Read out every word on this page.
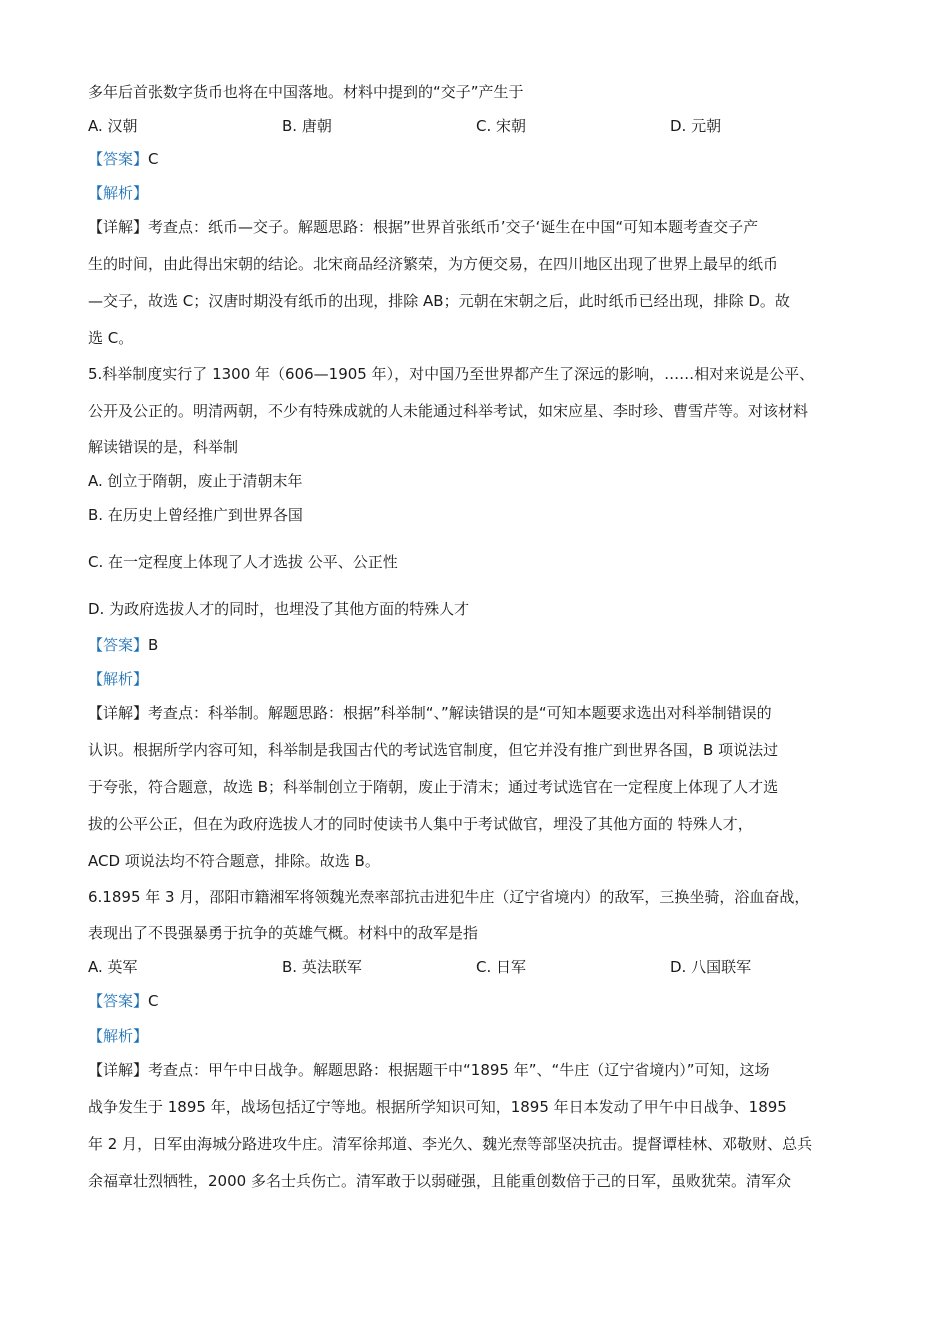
多年后首张数字货币也将在中国落地。材料中提到的“交子”产生于
A. 汉朝	B. 唐朝	C. 宋朝	D. 元朝
【答案】C
【解析】
【详解】考查点：纸币—交子。解题思路：根据”世界首张纸币’交子‘诞生在中国“可知本题考查交子产
生的时间，由此得出宋朝的结论。北宋商品经济繁荣，为方便交易，在四川地区出现了世界上最早的纸币
—交子，故选 C；汉唐时期没有纸币的出现，排除 AB；元朝在宋朝之后，此时纸币已经出现，排除 D。故
选 C。
5.科举制度实行了 1300 年（606—1905 年），对中国乃至世界都产生了深远的影响，……相对来说是公平、
公开及公正的。明清两朝，不少有特殊成就的人未能通过科举考试，如宋应星、李时珍、曹雪芹等。对该材料
解读错误的是，科举制
A. 创立于隋朝，废止于清朝末年
B. 在历史上曾经推广到世界各国
C. 在一定程度上体现了人才选拔 公平、公正性
D. 为政府选拔人才的同时，也埋没了其他方面的特殊人才
【答案】B
【解析】
【详解】考查点：科举制。解题思路：根据”科举制“、”解读错误的是“可知本题要求选出对科举制错误的
认识。根据所学内容可知，科举制是我国古代的考试选官制度，但它并没有推广到世界各国，B 项说法过
于夸张，符合题意，故选 B；科举制创立于隋朝，废止于清末；通过考试选官在一定程度上体现了人才选
拔的公平公正，但在为政府选拔人才的同时使读书人集中于考试做官，埋没了其他方面的 特殊人才，
ACD 项说法均不符合题意，排除。故选 B。
6.1895 年 3 月，邵阳市籍湘军将领魏光焘率部抗击进犯牛庄（辽宁省境内）的敌军，三换坐骑，浴血奋战，
表现出了不畏强暴勇于抗争的英雄气概。材料中的敌军是指
A. 英军	B. 英法联军	C. 日军	D. 八国联军
【答案】C
【解析】
【详解】考查点：甲午中日战争。解题思路：根据题干中“1895 年”、“牛庄（辽宁省境内）”可知，这场
战争发生于 1895 年，战场包括辽宁等地。根据所学知识可知，1895 年日本发动了甲午中日战争、1895
年 2 月，日军由海城分路进攻牛庄。清军徐邦道、李光久、魏光焘等部坚决抗击。提督谭桂林、邓敬财、总兵
余福章壮烈牺牲，2000 多名士兵伤亡。清军敢于以弱碰强，且能重创数倍于己的日军，虽败犹荣。清军众
